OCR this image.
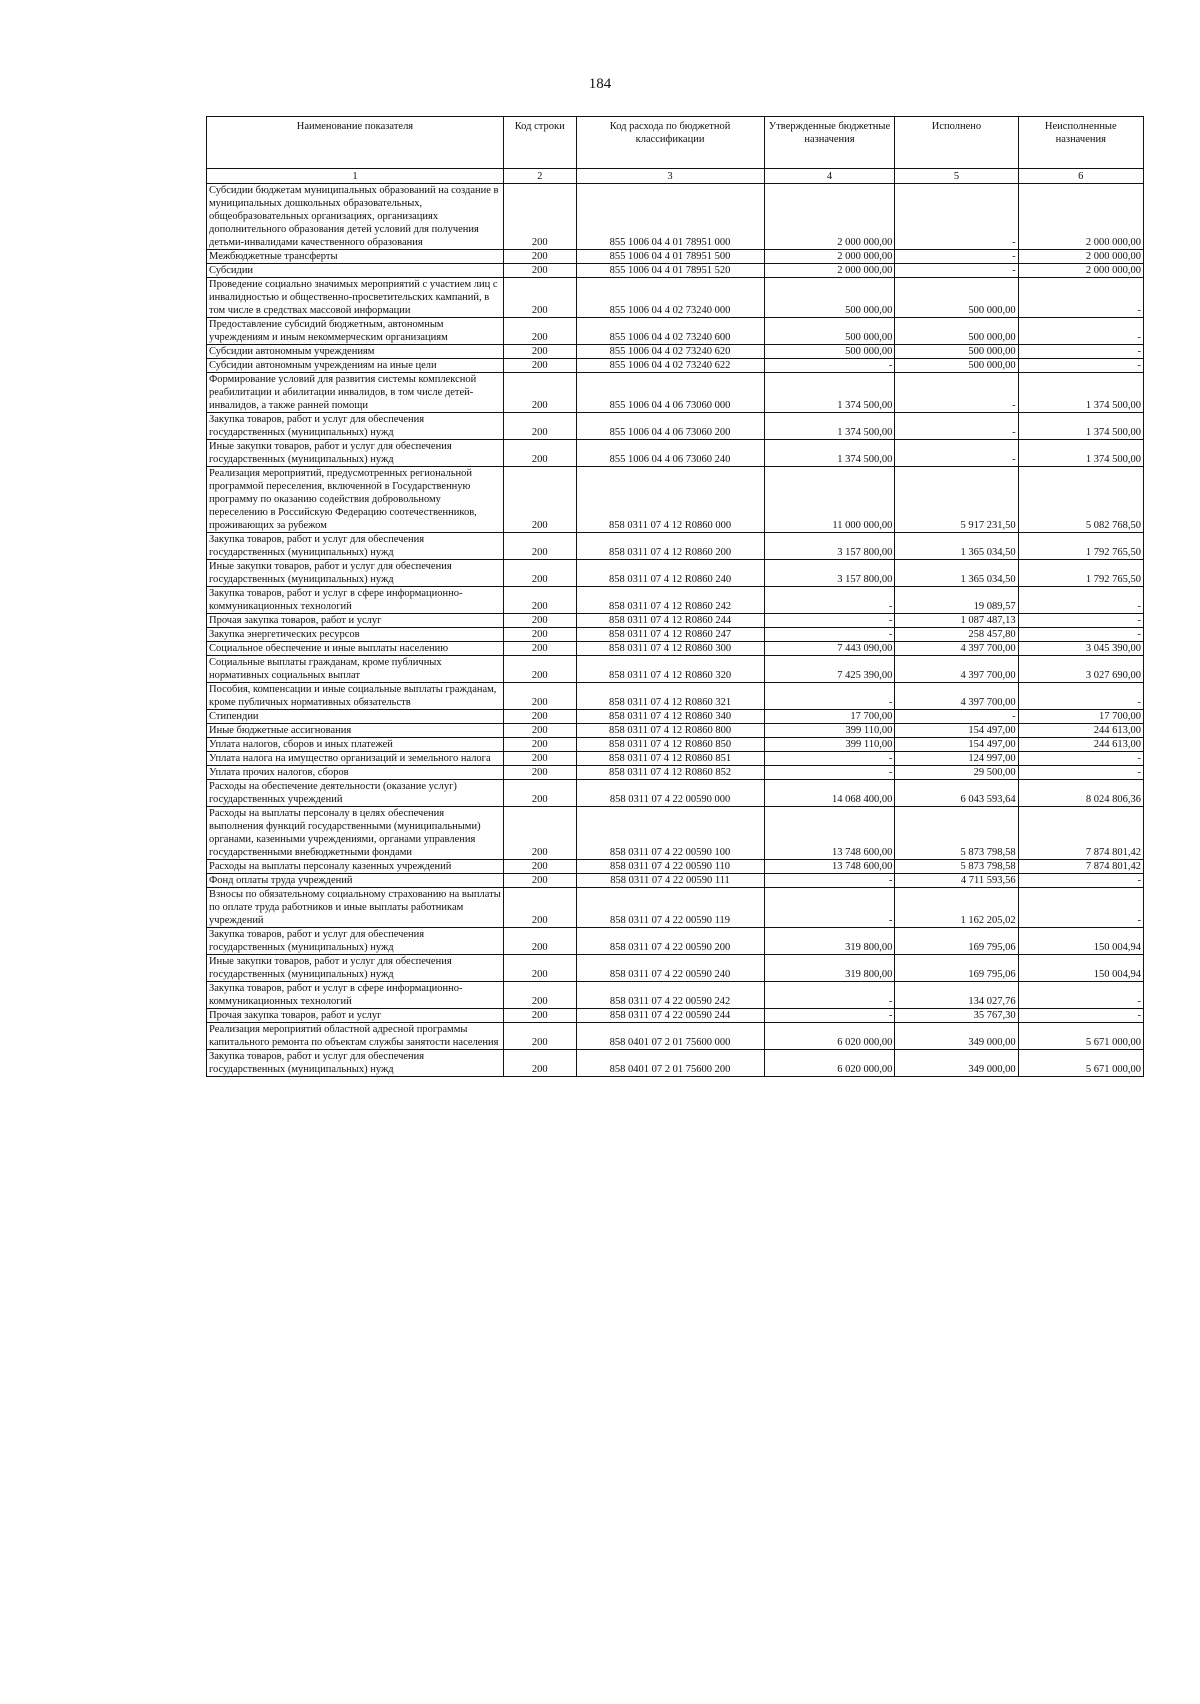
184
Наименование показателя	Код строки	Код расхода по бюджетной классификации	Утвержденные бюджетные назначения	Исполнено	Неисполненные назначения
1	2	3	4	5	6
Субсидии бюджетам муниципальных образований на создание в муниципальных дошкольных образовательных, общеобразовательных организациях, организациях дополнительного образования детей условий для получения детьми-инвалидами качественного образования	200	855 1006 04 4 01 78951 000	2 000 000,00	-	2 000 000,00
Межбюджетные трансферты	200	855 1006 04 4 01 78951 500	2 000 000,00	-	2 000 000,00
Субсидии	200	855 1006 04 4 01 78951 520	2 000 000,00	-	2 000 000,00
Проведение социально значимых мероприятий с участием лиц с инвалидностью и общественно-просветительских кампаний, в том числе в средствах массовой информации	200	855 1006 04 4 02 73240 000	500 000,00	500 000,00	-
Предоставление субсидий бюджетным, автономным учреждениям и иным некоммерческим организациям	200	855 1006 04 4 02 73240 600	500 000,00	500 000,00	-
Субсидии автономным учреждениям	200	855 1006 04 4 02 73240 620	500 000,00	500 000,00	-
Субсидии автономным учреждениям на иные цели	200	855 1006 04 4 02 73240 622	-	500 000,00	-
Формирование условий для развития системы комплексной реабилитации и абилитации инвалидов, в том числе детей-инвалидов, а также ранней помощи	200	855 1006 04 4 06 73060 000	1 374 500,00	-	1 374 500,00
Закупка товаров, работ и услуг для обеспечения государственных (муниципальных) нужд	200	855 1006 04 4 06 73060 200	1 374 500,00	-	1 374 500,00
Иные закупки товаров, работ и услуг для обеспечения государственных (муниципальных) нужд	200	855 1006 04 4 06 73060 240	1 374 500,00	-	1 374 500,00
Реализация мероприятий, предусмотренных региональной программой переселения, включенной в Государственную программу по оказанию содействия добровольному переселению в Российскую Федерацию соотечественников, проживающих за рубежом	200	858 0311 07 4 12 R0860 000	11 000 000,00	5 917 231,50	5 082 768,50
Закупка товаров, работ и услуг для обеспечения государственных (муниципальных) нужд	200	858 0311 07 4 12 R0860 200	3 157 800,00	1 365 034,50	1 792 765,50
Иные закупки товаров, работ и услуг для обеспечения государственных (муниципальных) нужд	200	858 0311 07 4 12 R0860 240	3 157 800,00	1 365 034,50	1 792 765,50
Закупка товаров, работ и услуг в сфере информационно-коммуникационных технологий	200	858 0311 07 4 12 R0860 242	-	19 089,57	-
Прочая закупка товаров, работ и услуг	200	858 0311 07 4 12 R0860 244	-	1 087 487,13	-
Закупка энергетических ресурсов	200	858 0311 07 4 12 R0860 247	-	258 457,80	-
Социальное обеспечение и иные выплаты населению	200	858 0311 07 4 12 R0860 300	7 443 090,00	4 397 700,00	3 045 390,00
Социальные выплаты гражданам, кроме публичных нормативных социальных выплат	200	858 0311 07 4 12 R0860 320	7 425 390,00	4 397 700,00	3 027 690,00
Пособия, компенсации и иные социальные выплаты гражданам, кроме публичных нормативных обязательств	200	858 0311 07 4 12 R0860 321	-	4 397 700,00	-
Стипендии	200	858 0311 07 4 12 R0860 340	17 700,00	-	17 700,00
Иные бюджетные ассигнования	200	858 0311 07 4 12 R0860 800	399 110,00	154 497,00	244 613,00
Уплата налогов, сборов и иных платежей	200	858 0311 07 4 12 R0860 850	399 110,00	154 497,00	244 613,00
Уплата налога на имущество организаций и земельного налога	200	858 0311 07 4 12 R0860 851	-	124 997,00	-
Уплата прочих налогов, сборов	200	858 0311 07 4 12 R0860 852	-	29 500,00	-
Расходы на обеспечение деятельности (оказание услуг) государственных учреждений	200	858 0311 07 4 22 00590 000	14 068 400,00	6 043 593,64	8 024 806,36
Расходы на выплаты персоналу в целях обеспечения выполнения функций государственными (муниципальными) органами, казенными учреждениями, органами управления государственными внебюджетными фондами	200	858 0311 07 4 22 00590 100	13 748 600,00	5 873 798,58	7 874 801,42
Расходы на выплаты персоналу казенных учреждений	200	858 0311 07 4 22 00590 110	13 748 600,00	5 873 798,58	7 874 801,42
Фонд оплаты труда учреждений	200	858 0311 07 4 22 00590 111	-	4 711 593,56	-
Взносы по обязательному социальному страхованию на выплаты по оплате труда работников и иные выплаты работникам учреждений	200	858 0311 07 4 22 00590 119	-	1 162 205,02	-
Закупка товаров, работ и услуг для обеспечения государственных (муниципальных) нужд	200	858 0311 07 4 22 00590 200	319 800,00	169 795,06	150 004,94
Иные закупки товаров, работ и услуг для обеспечения государственных (муниципальных) нужд	200	858 0311 07 4 22 00590 240	319 800,00	169 795,06	150 004,94
Закупка товаров, работ и услуг в сфере информационно-коммуникационных технологий	200	858 0311 07 4 22 00590 242	-	134 027,76	-
Прочая закупка товаров, работ и услуг	200	858 0311 07 4 22 00590 244	-	35 767,30	-
Реализация мероприятий областной адресной программы капитального ремонта по объектам службы занятости населения	200	858 0401 07 2 01 75600 000	6 020 000,00	349 000,00	5 671 000,00
Закупка товаров, работ и услуг для обеспечения государственных (муниципальных) нужд	200	858 0401 07 2 01 75600 200	6 020 000,00	349 000,00	5 671 000,00
